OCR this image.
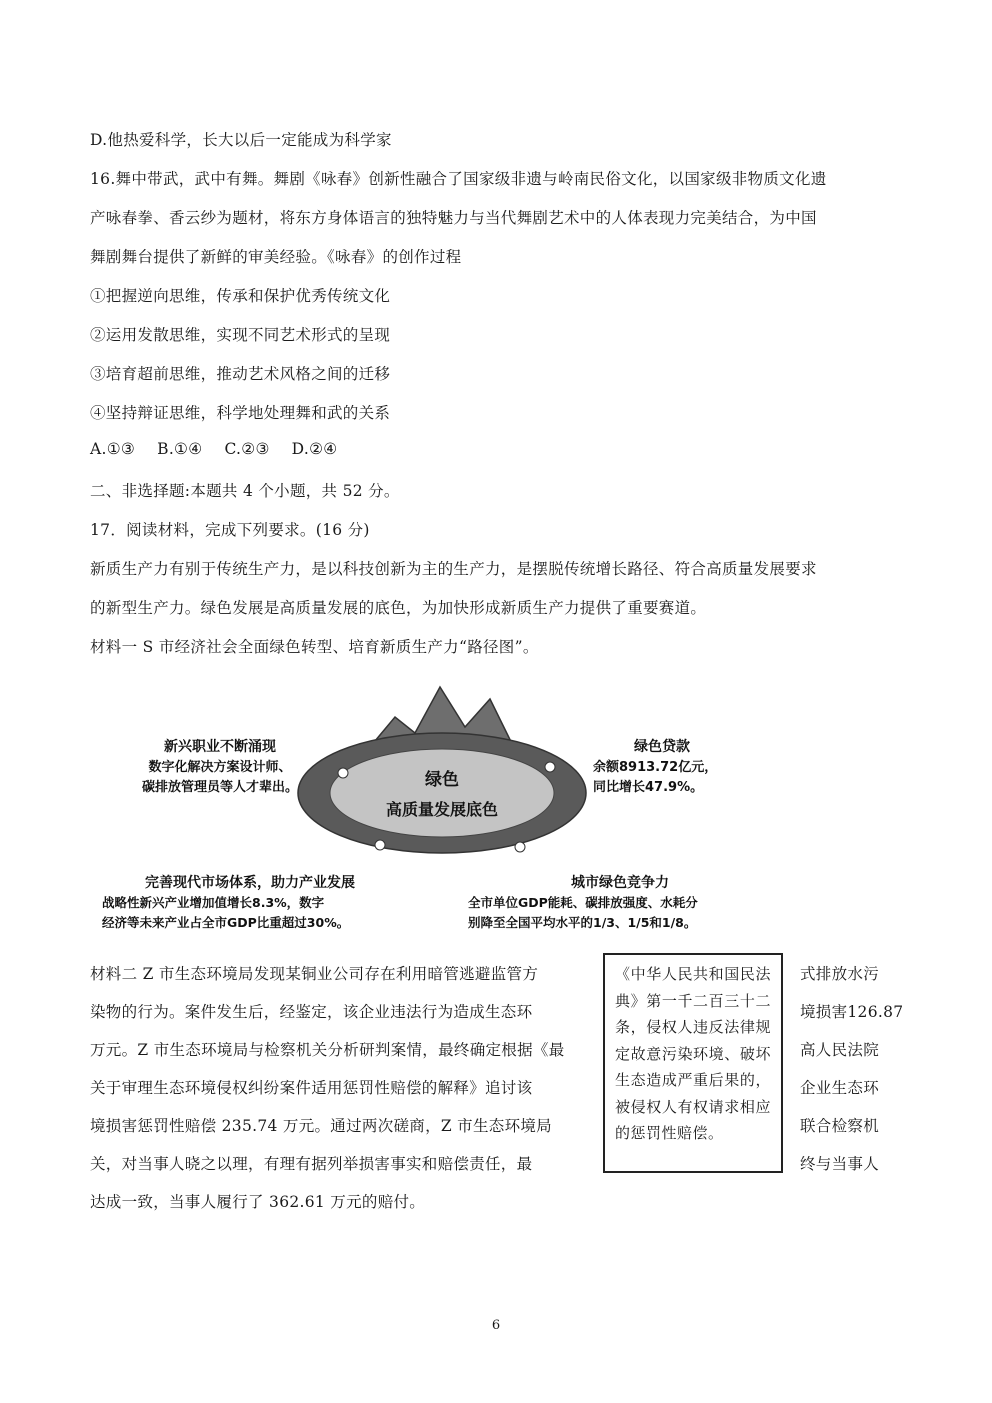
D.他热爱科学，长大以后一定能成为科学家
16.舞中带武，武中有舞。舞剧《咏春》创新性融合了国家级非遗与岭南民俗文化，以国家级非物质文化遗
产咏春拳、香云纱为题材，将东方身体语言的独特魅力与当代舞剧艺术中的人体表现力完美结合，为中国
舞剧舞台提供了新鲜的审美经验。《咏春》的创作过程
①把握逆向思维，传承和保护优秀传统文化
②运用发散思维，实现不同艺术形式的呈现
③培育超前思维，推动艺术风格之间的迁移
④坚持辩证思维，科学地处理舞和武的关系
A.①③ B.①④ C.②③ D.②④
二、非选择题:本题共 4 个小题，共 52 分。
17．阅读材料，完成下列要求。(16 分)
新质生产力有别于传统生产力，是以科技创新为主的生产力，是摆脱传统增长路径、符合高质量发展要求
的新型生产力。绿色发展是高质量发展的底色，为加快形成新质生产力提供了重要赛道。
材料一 S 市经济社会全面绿色转型、培育新质生产力“路径图”。
绿色
高质量发展底色
新兴职业不断涌现
数字化解决方案设计师、
碳排放管理员等人才辈出。
绿色贷款
余额8913.72亿元，
同比增长47.9%。
完善现代市场体系，助力产业发展
战略性新兴产业增加值增长8.3%，数字
经济等未来产业占全市GDP比重超过30%。
城市绿色竞争力
全市单位GDP能耗、碳排放强度、水耗分
别降至全国平均水平的1/3、1/5和1/8。
材料二 Z 市生态环境局发现某铜业公司存在利用暗管逃避监管方
染物的行为。案件发生后，经鉴定，该企业违法行为造成生态环
万元。Z 市生态环境局与检察机关分析研判案情，最终确定根据《最
关于审理生态环境侵权纠纷案件适用惩罚性赔偿的解释》追讨该
境损害惩罚性赔偿 235.74 万元。通过两次磋商，Z 市生态环境局
关，对当事人晓之以理，有理有据列举损害事实和赔偿责任，最
达成一致，当事人履行了 362.61 万元的赔付。
《中华人民共和国民法典》第一千二百三十二条，侵权人违反法律规定故意污染环境、破坏生态造成严重后果的，被侵权人有权请求相应的惩罚性赔偿。
式排放水污
境损害126.87
高人民法院
企业生态环
联合检察机
终与当事人
6
